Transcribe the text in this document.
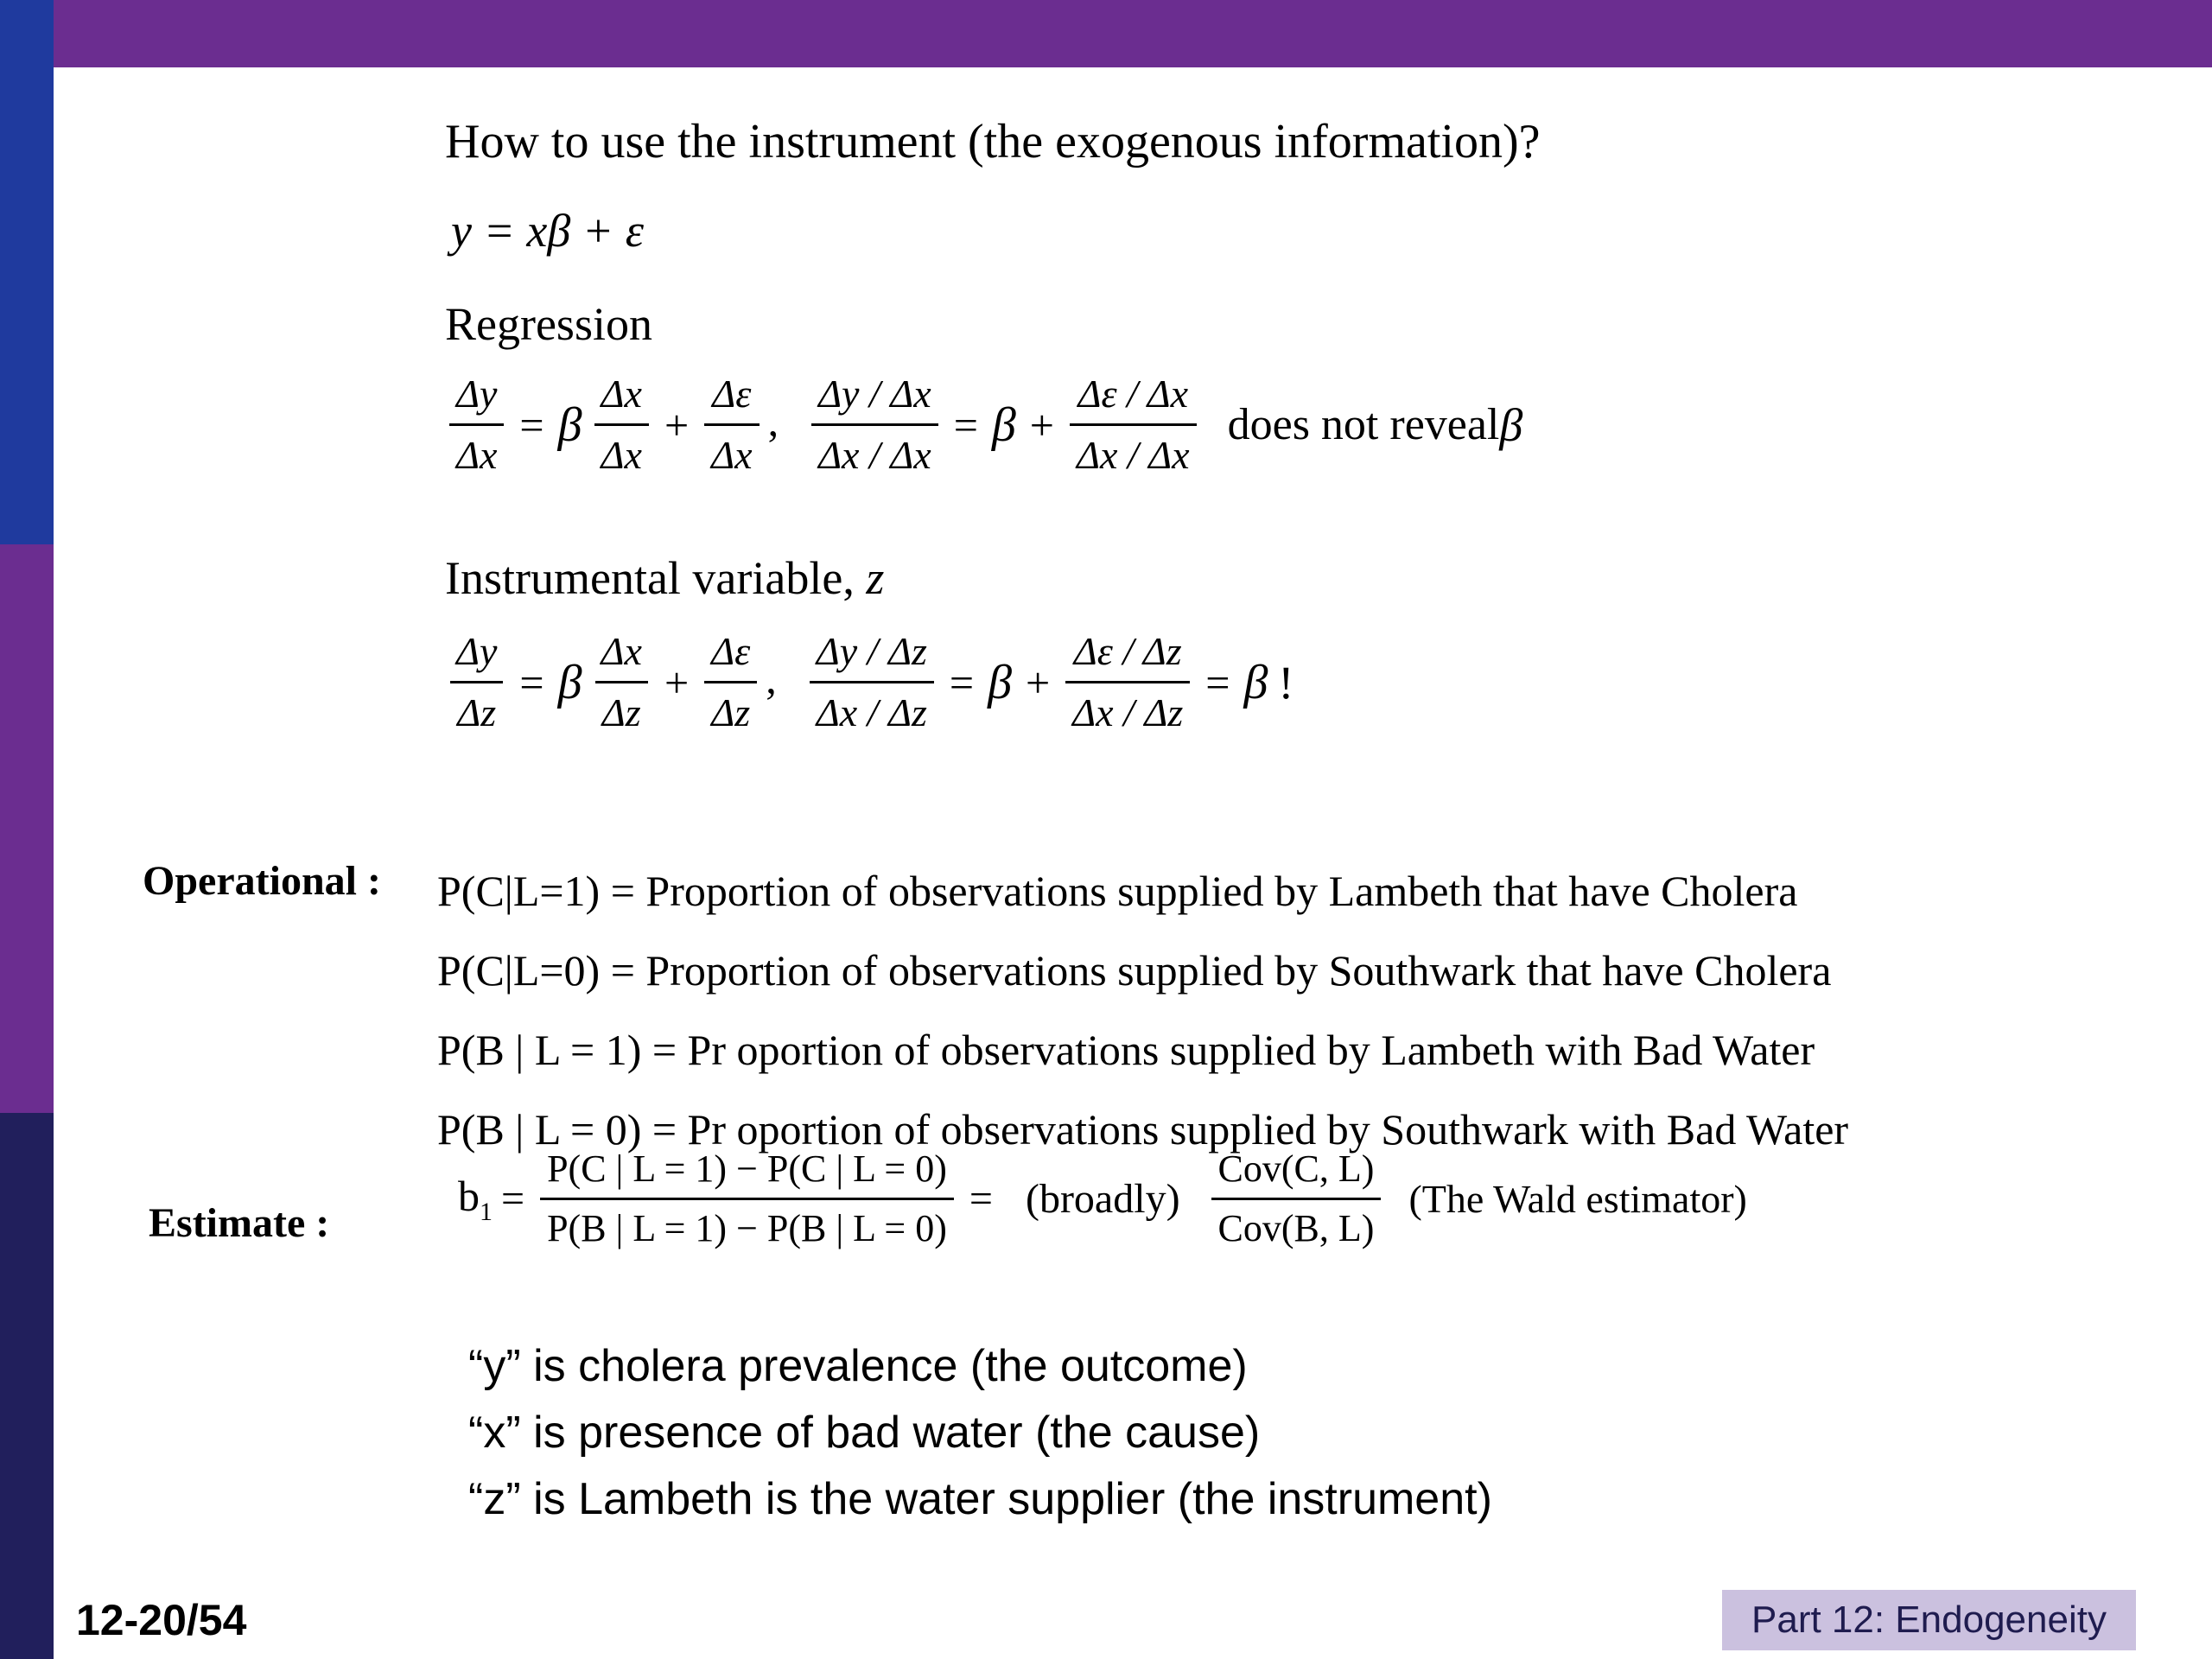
How to use the instrument (the exogenous information)?
y = xβ + ε
Regression
$\frac{\Delta y}{\Delta x} = \beta \frac{\Delta x}{\Delta x} + \frac{\Delta\varepsilon}{\Delta x}$ , $\frac{\Delta y / \Delta x}{\Delta x / \Delta x} = \beta + \frac{\Delta\varepsilon / \Delta x}{\Delta x / \Delta x}$ does not reveal β
Instrumental variable, z
$\frac{\Delta y}{\Delta z} = \beta \frac{\Delta x}{\Delta z} + \frac{\Delta\varepsilon}{\Delta z}$ , $\frac{\Delta y / \Delta z}{\Delta x / \Delta z} = \beta + \frac{\Delta\varepsilon / \Delta z}{\Delta x / \Delta z} = \beta$ !
Operational : P(C|L=1) = Proportion of observations supplied by Lambeth that have Cholera
P(C|L=0) = Proportion of observations supplied by Southwark that have Cholera
P(B | L = 1) = Pr oportion of observations supplied by Lambeth with Bad Water
P(B | L = 0) = Pr oportion of observations supplied by Southwark with Bad Water
Estimate :
$b_1 = \frac{P(C | L = 1) - P(C | L = 0)}{P(B | L = 1) - P(B | L = 0)}$ = (broadly) $\frac{\text{Cov(C, L)}}{\text{Cov(B, L)}} (The$ Wald estimator)
“y” is cholera prevalence (the outcome)
“x” is presence of bad water (the cause)
“z” is Lambeth is the water supplier (the instrument)
12-20/54	Part 12: Endogeneity
